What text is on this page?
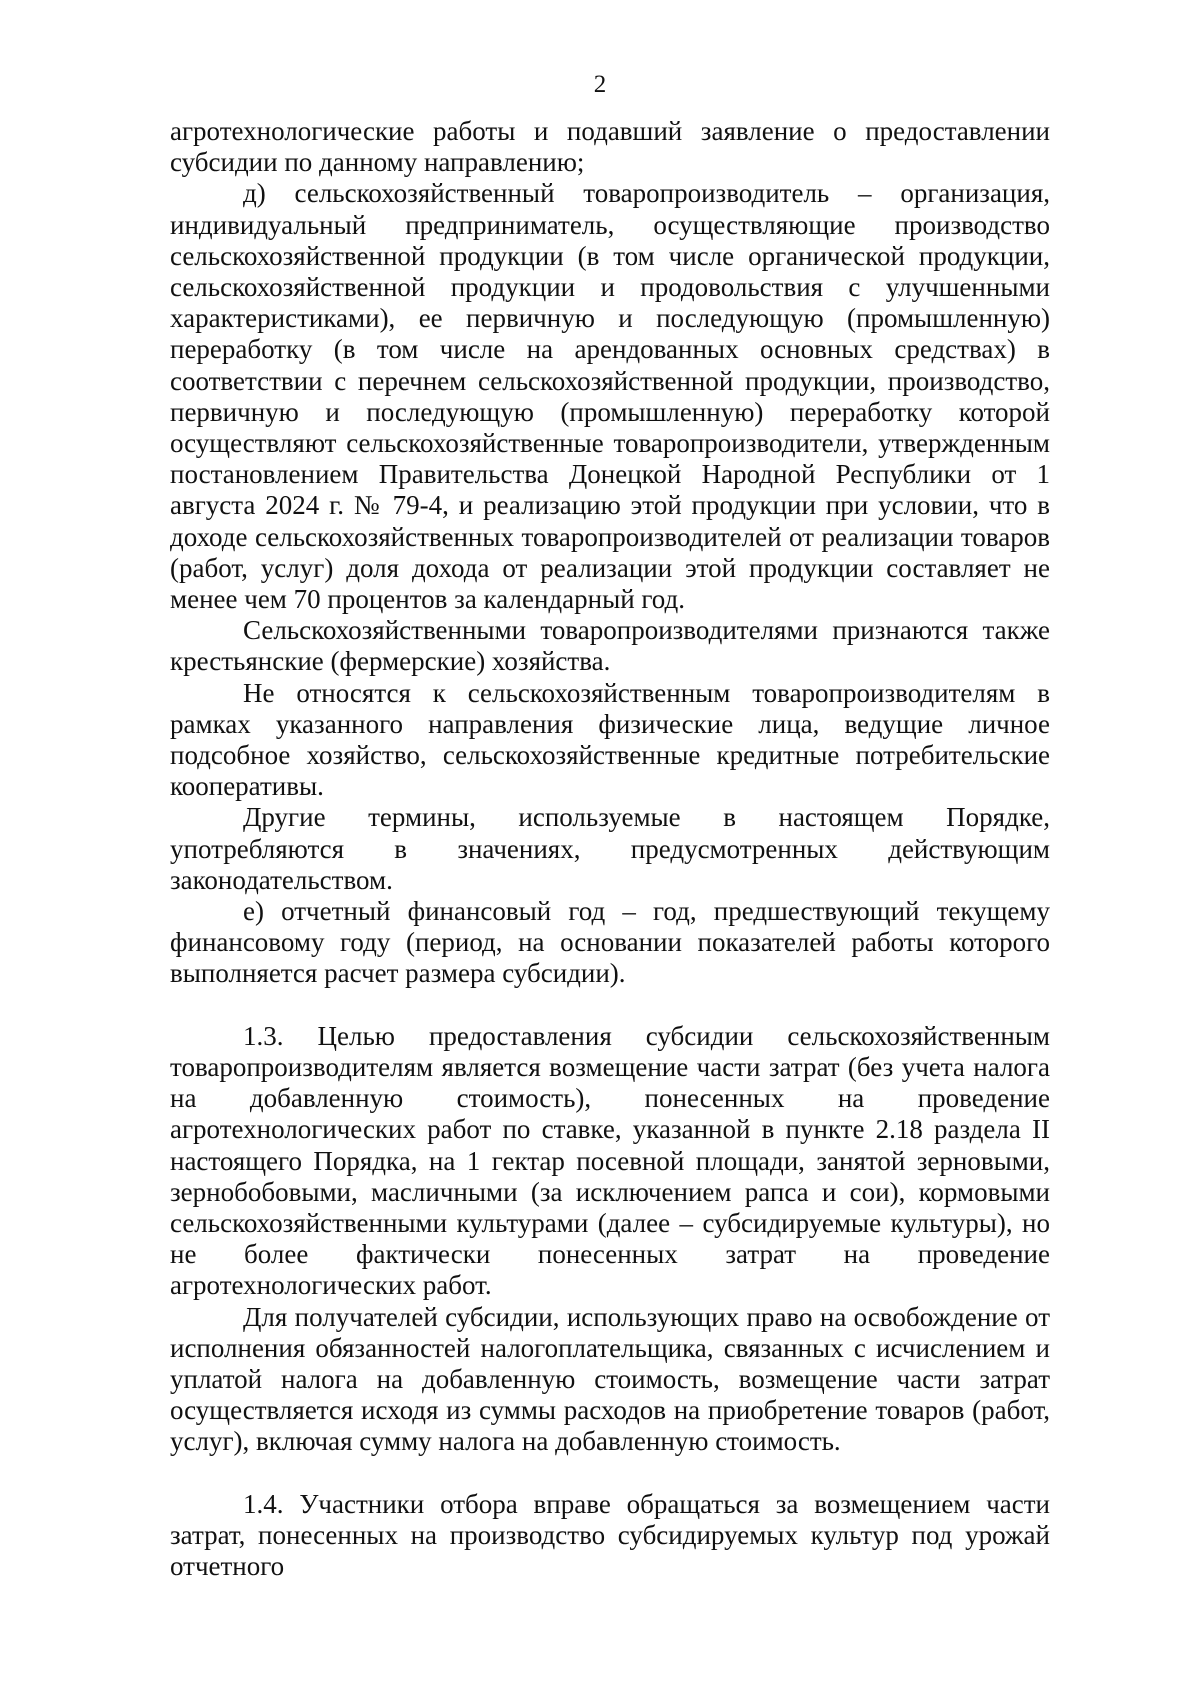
2

агротехнологические работы и подавший заявление о предоставлении субсидии по данному направлению;

д) сельскохозяйственный товаропроизводитель – организация, индивидуальный предприниматель, осуществляющие производство сельскохозяйственной продукции (в том числе органической продукции, сельскохозяйственной продукции и продовольствия с улучшенными характеристиками), ее первичную и последующую (промышленную) переработку (в том числе на арендованных основных средствах) в соответствии с перечнем сельскохозяйственной продукции, производство, первичную и последующую (промышленную) переработку которой осуществляют сельскохозяйственные товаропроизводители, утвержденным постановлением Правительства Донецкой Народной Республики от 1 августа 2024 г. № 79-4, и реализацию этой продукции при условии, что в доходе сельскохозяйственных товаропроизводителей от реализации товаров (работ, услуг) доля дохода от реализации этой продукции составляет не менее чем 70 процентов за календарный год.

Сельскохозяйственными товаропроизводителями признаются также крестьянские (фермерские) хозяйства.

Не относятся к сельскохозяйственным товаропроизводителям в рамках указанного направления физические лица, ведущие личное подсобное хозяйство, сельскохозяйственные кредитные потребительские кооперативы.

Другие термины, используемые в настоящем Порядке, употребляются в значениях, предусмотренных действующим законодательством.

е) отчетный финансовый год – год, предшествующий текущему финансовому году (период, на основании показателей работы которого выполняется расчет размера субсидии).

1.3. Целью предоставления субсидии сельскохозяйственным товаропроизводителям является возмещение части затрат (без учета налога на добавленную стоимость), понесенных на проведение агротехнологических работ по ставке, указанной в пункте 2.18 раздела II настоящего Порядка, на 1 гектар посевной площади, занятой зерновыми, зернобобовыми, масличными (за исключением рапса и сои), кормовыми сельскохозяйственными культурами (далее – субсидируемые культуры), но не более фактически понесенных затрат на проведение агротехнологических работ.

Для получателей субсидии, использующих право на освобождение от исполнения обязанностей налогоплательщика, связанных с исчислением и уплатой налога на добавленную стоимость, возмещение части затрат осуществляется исходя из суммы расходов на приобретение товаров (работ, услуг), включая сумму налога на добавленную стоимость.

1.4. Участники отбора вправе обращаться за возмещением части затрат, понесенных на производство субсидируемых культур под урожай отчетного
